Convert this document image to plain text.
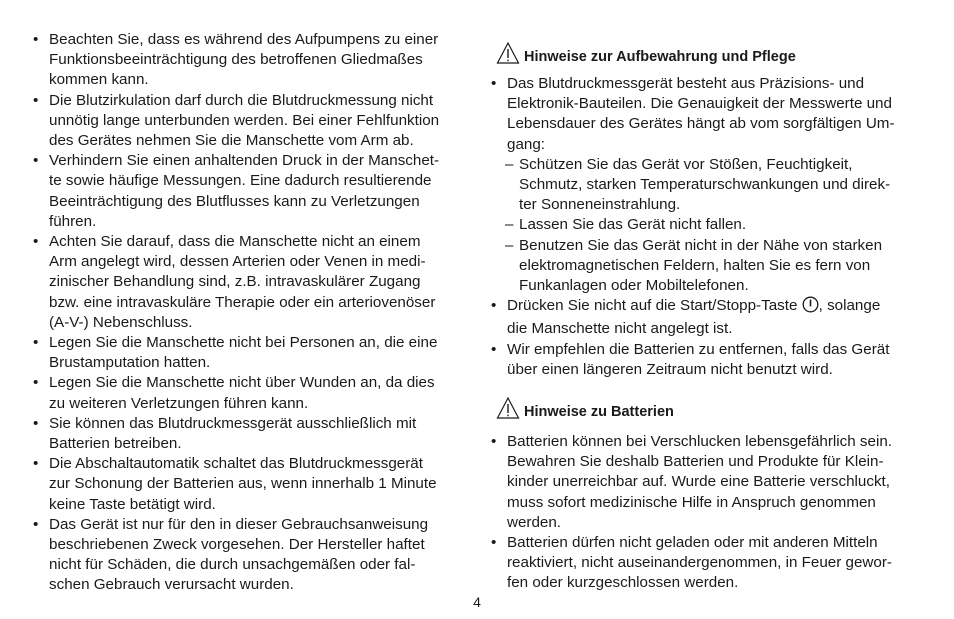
• Beachten Sie, dass es während des Aufpumpens zu einer
Funktionsbeeinträchtigung des betroffenen Gliedmaßes
kommen kann.
• Die Blutzirkulation darf durch die Blutdruckmessung nicht
unnötig lange unterbunden werden. Bei einer Fehlfunktion
des Gerätes nehmen Sie die Manschette vom Arm ab.
• Verhindern Sie einen anhaltenden Druck in der Manschet-
te sowie häufige Messungen. Eine dadurch resultierende
Beeinträchtigung des Blutflusses kann zu Verletzungen
führen.
• Achten Sie darauf, dass die Manschette nicht an einem
Arm angelegt wird, dessen Arterien oder Venen in medi-
zinischer Behandlung sind, z.B. intravaskulärer Zugang
bzw. eine intravaskuläre Therapie oder ein arteriovenöser
(A-V-) Nebenschluss.
• Legen Sie die Manschette nicht bei Personen an, die eine
Brustamputation hatten.
• Legen Sie die Manschette nicht über Wunden an, da dies
zu weiteren Verletzungen führen kann.
• Sie können das Blutdruckmessgerät ausschließlich mit
Batterien betreiben.
• Die Abschaltautomatik schaltet das Blutdruckmessgerät
zur Schonung der Batterien aus, wenn innerhalb 1 Minute
keine Taste betätigt wird.
• Das Gerät ist nur für den in dieser Gebrauchsanweisung
beschriebenen Zweck vorgesehen. Der Hersteller haftet
nicht für Schäden, die durch unsachgemäßen oder fal-
schen Gebrauch verursacht wurden.
Hinweise zur Aufbewahrung und Pflege
• Das Blutdruckmessgerät besteht aus Präzisions- und
Elektronik-Bauteilen. Die Genauigkeit der Messwerte und
Lebensdauer des Gerätes hängt ab vom sorgfältigen Um-
gang:
– Schützen Sie das Gerät vor Stößen, Feuchtigkeit,
Schmutz, starken Temperaturschwankungen und direk-
ter Sonneneinstrahlung.
– Lassen Sie das Gerät nicht fallen.
– Benutzen Sie das Gerät nicht in der Nähe von starken
elektromagnetischen Feldern, halten Sie es fern von
Funkanlagen oder Mobiltelefonen.
• Drücken Sie nicht auf die Start/Stopp-Taste , solange
die Manschette nicht angelegt ist.
• Wir empfehlen die Batterien zu entfernen, falls das Gerät
über einen längeren Zeitraum nicht benutzt wird.
Hinweise zu Batterien
• Batterien können bei Verschlucken lebensgefährlich sein.
Bewahren Sie deshalb Batterien und Produkte für Klein-
kinder unerreichbar auf. Wurde eine Batterie verschluckt,
muss sofort medizinische Hilfe in Anspruch genommen
werden.
• Batterien dürfen nicht geladen oder mit anderen Mitteln
reaktiviert, nicht auseinandergenommen, in Feuer gewor-
fen oder kurzgeschlossen werden.
4
